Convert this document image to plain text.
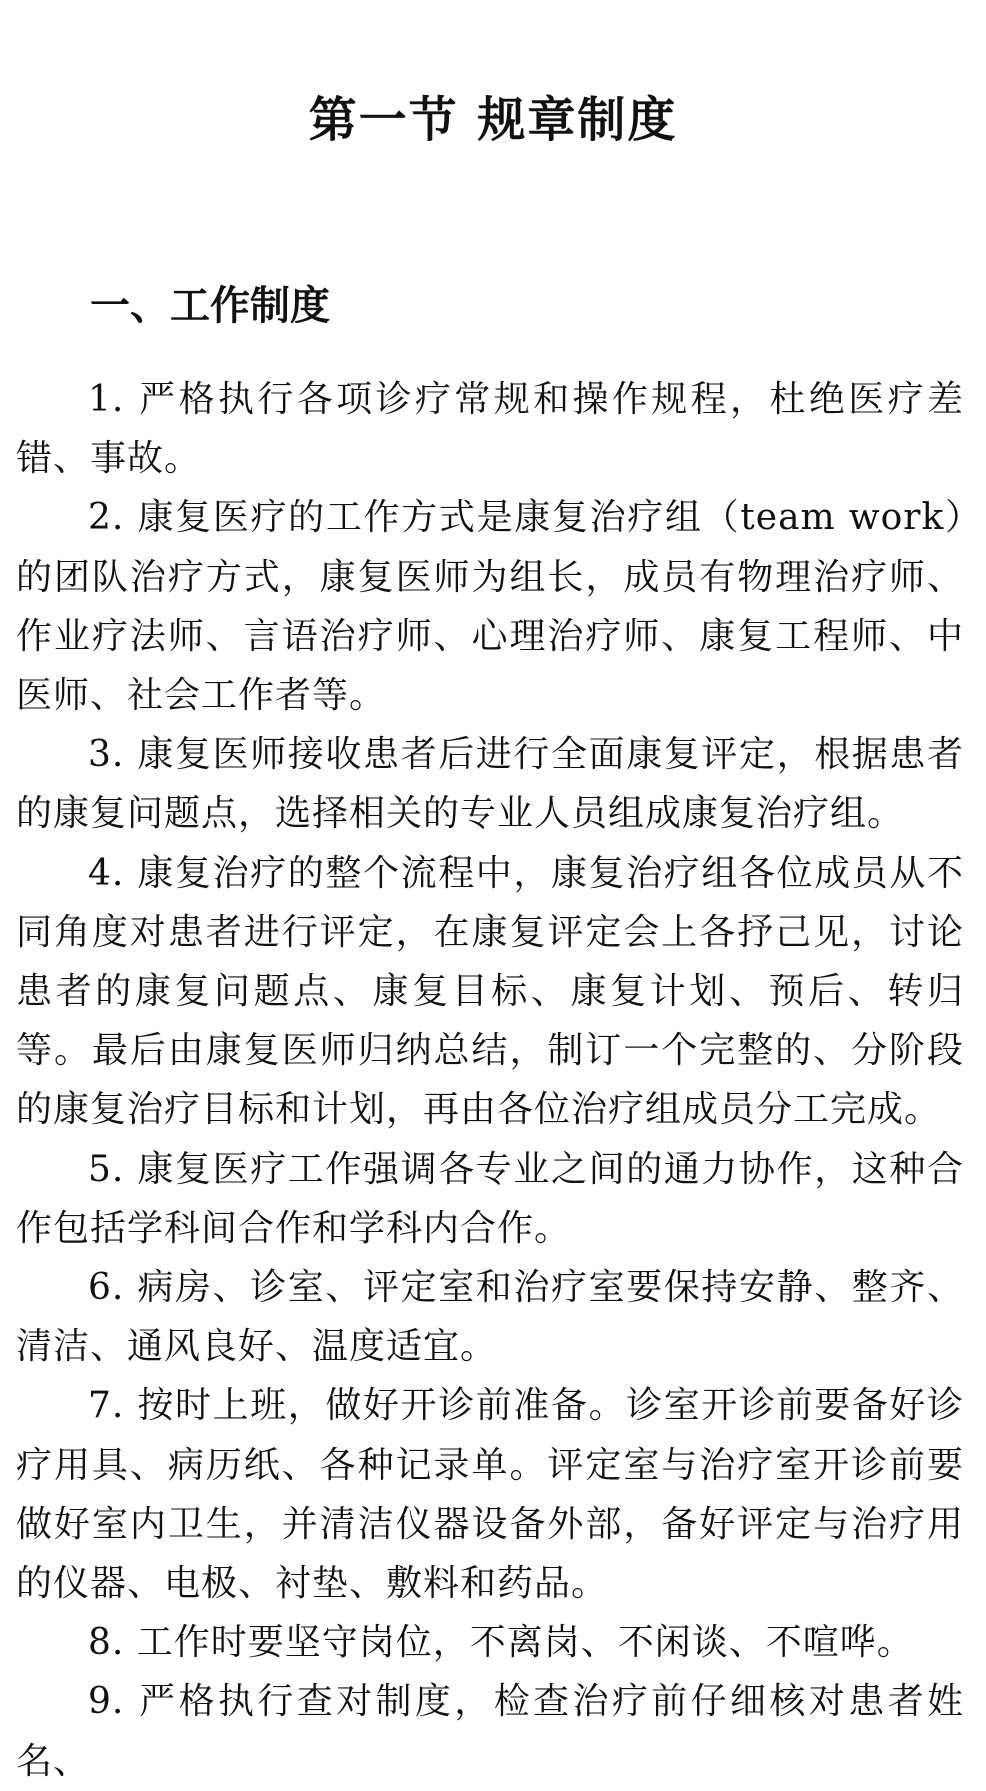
第一节 规章制度
一、工作制度

1. 严格执行各项诊疗常规和操作规程，杜绝医疗差错、事故。

2. 康复医疗的工作方式是康复治疗组（team work）的团队治疗方式，康复医师为组长，成员有物理治疗师、作业疗法师、言语治疗师、心理治疗师、康复工程师、中医师、社会工作者等。

3. 康复医师接收患者后进行全面康复评定，根据患者的康复问题点，选择相关的专业人员组成康复治疗组。

4. 康复治疗的整个流程中，康复治疗组各位成员从不同角度对患者进行评定，在康复评定会上各抒己见，讨论患者的康复问题点、康复目标、康复计划、预后、转归等。最后由康复医师归纳总结，制订一个完整的、分阶段的康复治疗目标和计划，再由各位治疗组成员分工完成。

5. 康复医疗工作强调各专业之间的通力协作，这种合作包括学科间合作和学科内合作。

6. 病房、诊室、评定室和治疗室要保持安静、整齐、清洁、通风良好、温度适宜。

7. 按时上班，做好开诊前准备。诊室开诊前要备好诊疗用具、病历纸、各种记录单。评定室与治疗室开诊前要做好室内卫生，并清洁仪器设备外部，备好评定与治疗用的仪器、电极、衬垫、敷料和药品。

8. 工作时要坚守岗位，不离岗、不闲谈、不喧哗。

9. 严格执行查对制度，检查治疗前仔细核对患者姓名、
